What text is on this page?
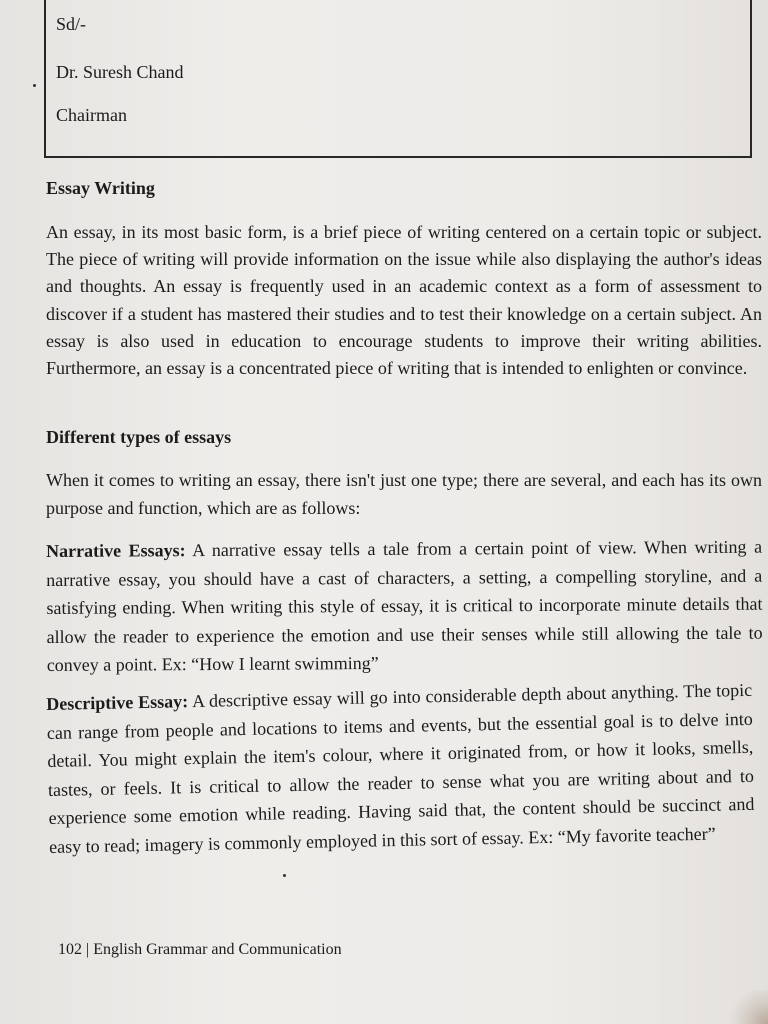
Sd/-
Dr. Suresh Chand
Chairman
Essay Writing

An essay, in its most basic form, is a brief piece of writing centered on a certain topic or subject. The piece of writing will provide information on the issue while also displaying the author's ideas and thoughts. An essay is frequently used in an academic context as a form of assessment to discover if a student has mastered their studies and to test their knowledge on a certain subject. An essay is also used in education to encourage students to improve their writing abilities. Furthermore, an essay is a concentrated piece of writing that is intended to enlighten or convince.

Different types of essays

When it comes to writing an essay, there isn't just one type; there are several, and each has its own purpose and function, which are as follows:

Narrative Essays: A narrative essay tells a tale from a certain point of view. When writing a narrative essay, you should have a cast of characters, a setting, a compelling storyline, and a satisfying ending. When writing this style of essay, it is critical to incorporate minute details that allow the reader to experience the emotion and use their senses while still allowing the tale to convey a point. Ex: “How I learnt swimming”

Descriptive Essay: A descriptive essay will go into considerable depth about anything. The topic can range from people and locations to items and events, but the essential goal is to delve into detail. You might explain the item's colour, where it originated from, or how it looks, smells, tastes, or feels. It is critical to allow the reader to sense what you are writing about and to experience some emotion while reading. Having said that, the content should be succinct and easy to read; imagery is commonly employed in this sort of essay. Ex: “My favorite teacher”

102 | English Grammar and Communication
